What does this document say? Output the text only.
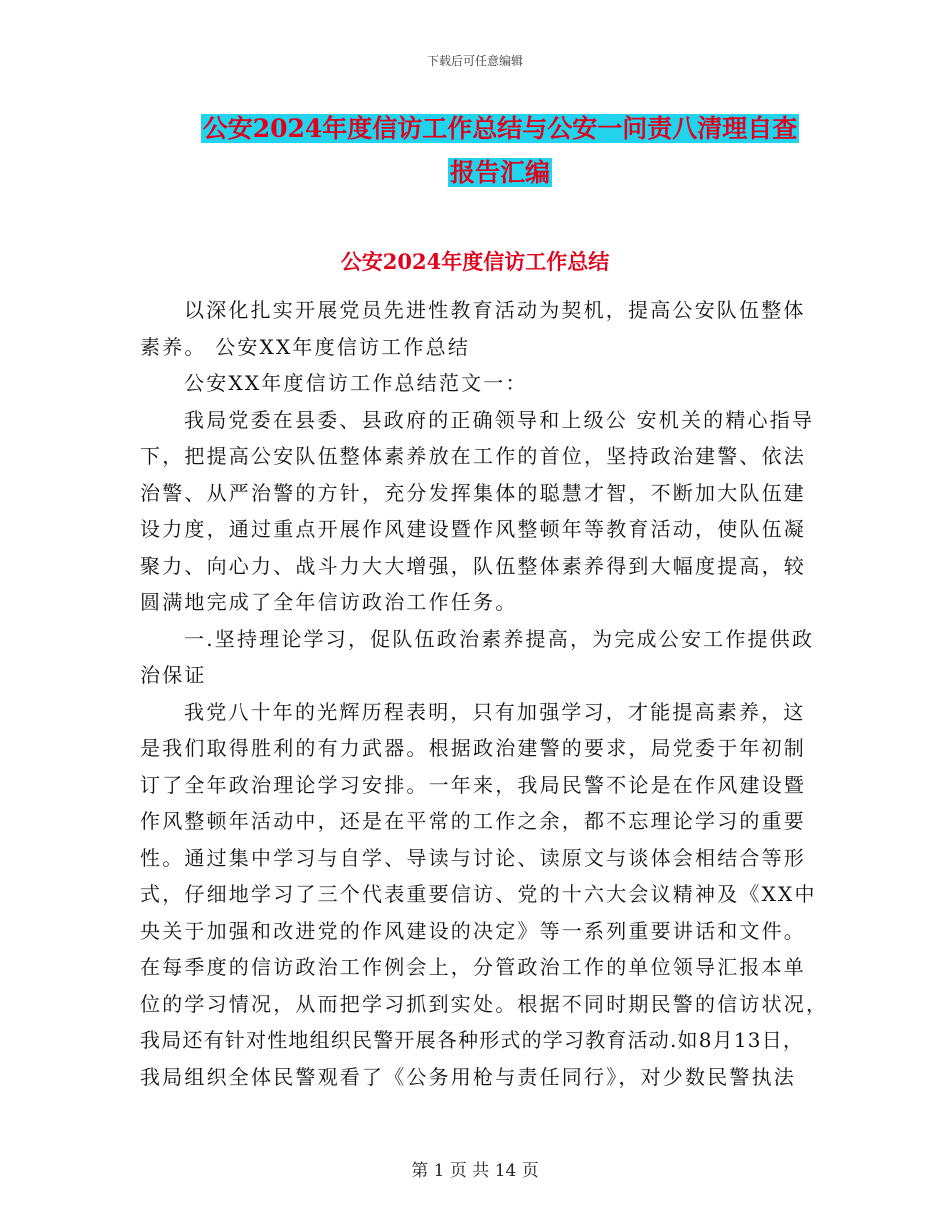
下载后可任意编辑
公安2024年度信访工作总结与公安一问责八清理自查
报告汇编
公安2024年度信访工作总结
以深化扎实开展党员先进性教育活动为契机，提高公安队伍整体
素养。 公安XX年度信访工作总结
公安XX年度信访工作总结范文一：
我局党委在县委、县政府的正确领导和上级公 安机关的精心指导
下，把提高公安队伍整体素养放在工作的首位，坚持政治建警、依法
治警、从严治警的方针，充分发挥集体的聪慧才智，不断加大队伍建
设力度，通过重点开展作风建设暨作风整顿年等教育活动，使队伍凝
聚力、向心力、战斗力大大增强，队伍整体素养得到大幅度提高，较
圆满地完成了全年信访政治工作任务。
一.坚持理论学习，促队伍政治素养提高，为完成公安工作提供政
治保证
我党八十年的光辉历程表明，只有加强学习，才能提高素养，这
是我们取得胜利的有力武器。根据政治建警的要求，局党委于年初制
订了全年政治理论学习安排。一年来，我局民警不论是在作风建设暨
作风整顿年活动中，还是在平常的工作之余，都不忘理论学习的重要
性。通过集中学习与自学、导读与讨论、读原文与谈体会相结合等形
式，仔细地学习了三个代表重要信访、党的十六大会议精神及《XX中
央关于加强和改进党的作风建设的决定》等一系列重要讲话和文件。
在每季度的信访政治工作例会上，分管政治工作的单位领导汇报本单
位的学习情况，从而把学习抓到实处。根据不同时期民警的信访状况，
我局还有针对性地组织民警开展各种形式的学习教育活动.如8月13日，
我局组织全体民警观看了《公务用枪与责任同行》，对少数民警执法
第 1 页 共 14 页
